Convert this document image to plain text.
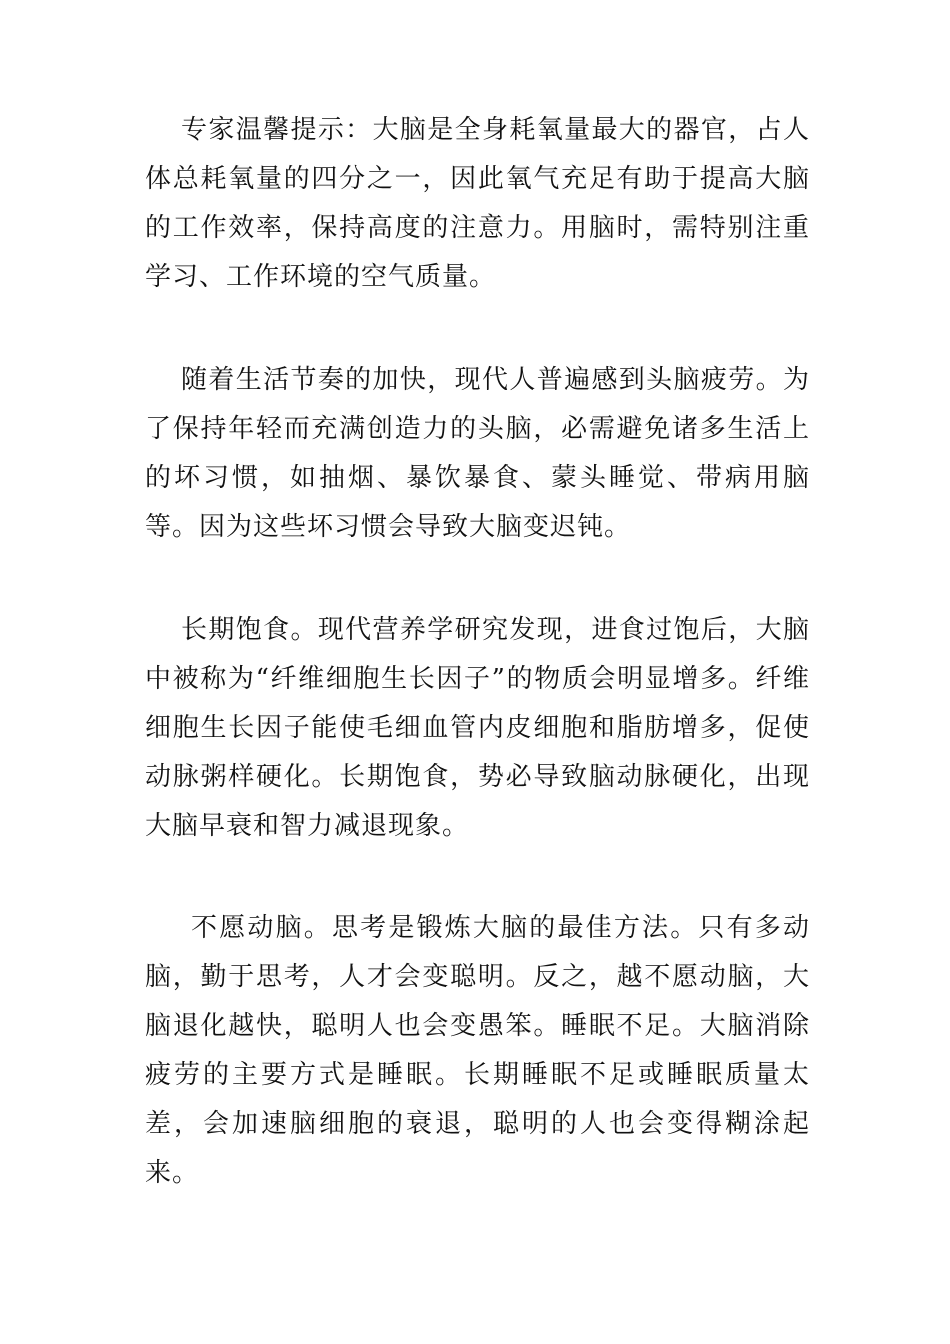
专家温馨提示：大脑是全身耗氧量最大的器官，占人体总耗氧量的四分之一，因此氧气充足有助于提高大脑的工作效率，保持高度的注意力。用脑时，需特别注重学习、工作环境的空气质量。

随着生活节奏的加快，现代人普遍感到头脑疲劳。为了保持年轻而充满创造力的头脑，必需避免诸多生活上的坏习惯，如抽烟、暴饮暴食、蒙头睡觉、带病用脑等。因为这些坏习惯会导致大脑变迟钝。

长期饱食。现代营养学研究发现，进食过饱后，大脑中被称为“纤维细胞生长因子”的物质会明显增多。纤维细胞生长因子能使毛细血管内皮细胞和脂肪增多，促使动脉粥样硬化。长期饱食，势必导致脑动脉硬化，出现大脑早衰和智力减退现象。

不愿动脑。思考是锻炼大脑的最佳方法。只有多动脑，勤于思考，人才会变聪明。反之，越不愿动脑，大脑退化越快，聪明人也会变愚笨。睡眠不足。大脑消除疲劳的主要方式是睡眠。长期睡眠不足或睡眠质量太差，会加速脑细胞的衰退，聪明的人也会变得糊涂起来。
